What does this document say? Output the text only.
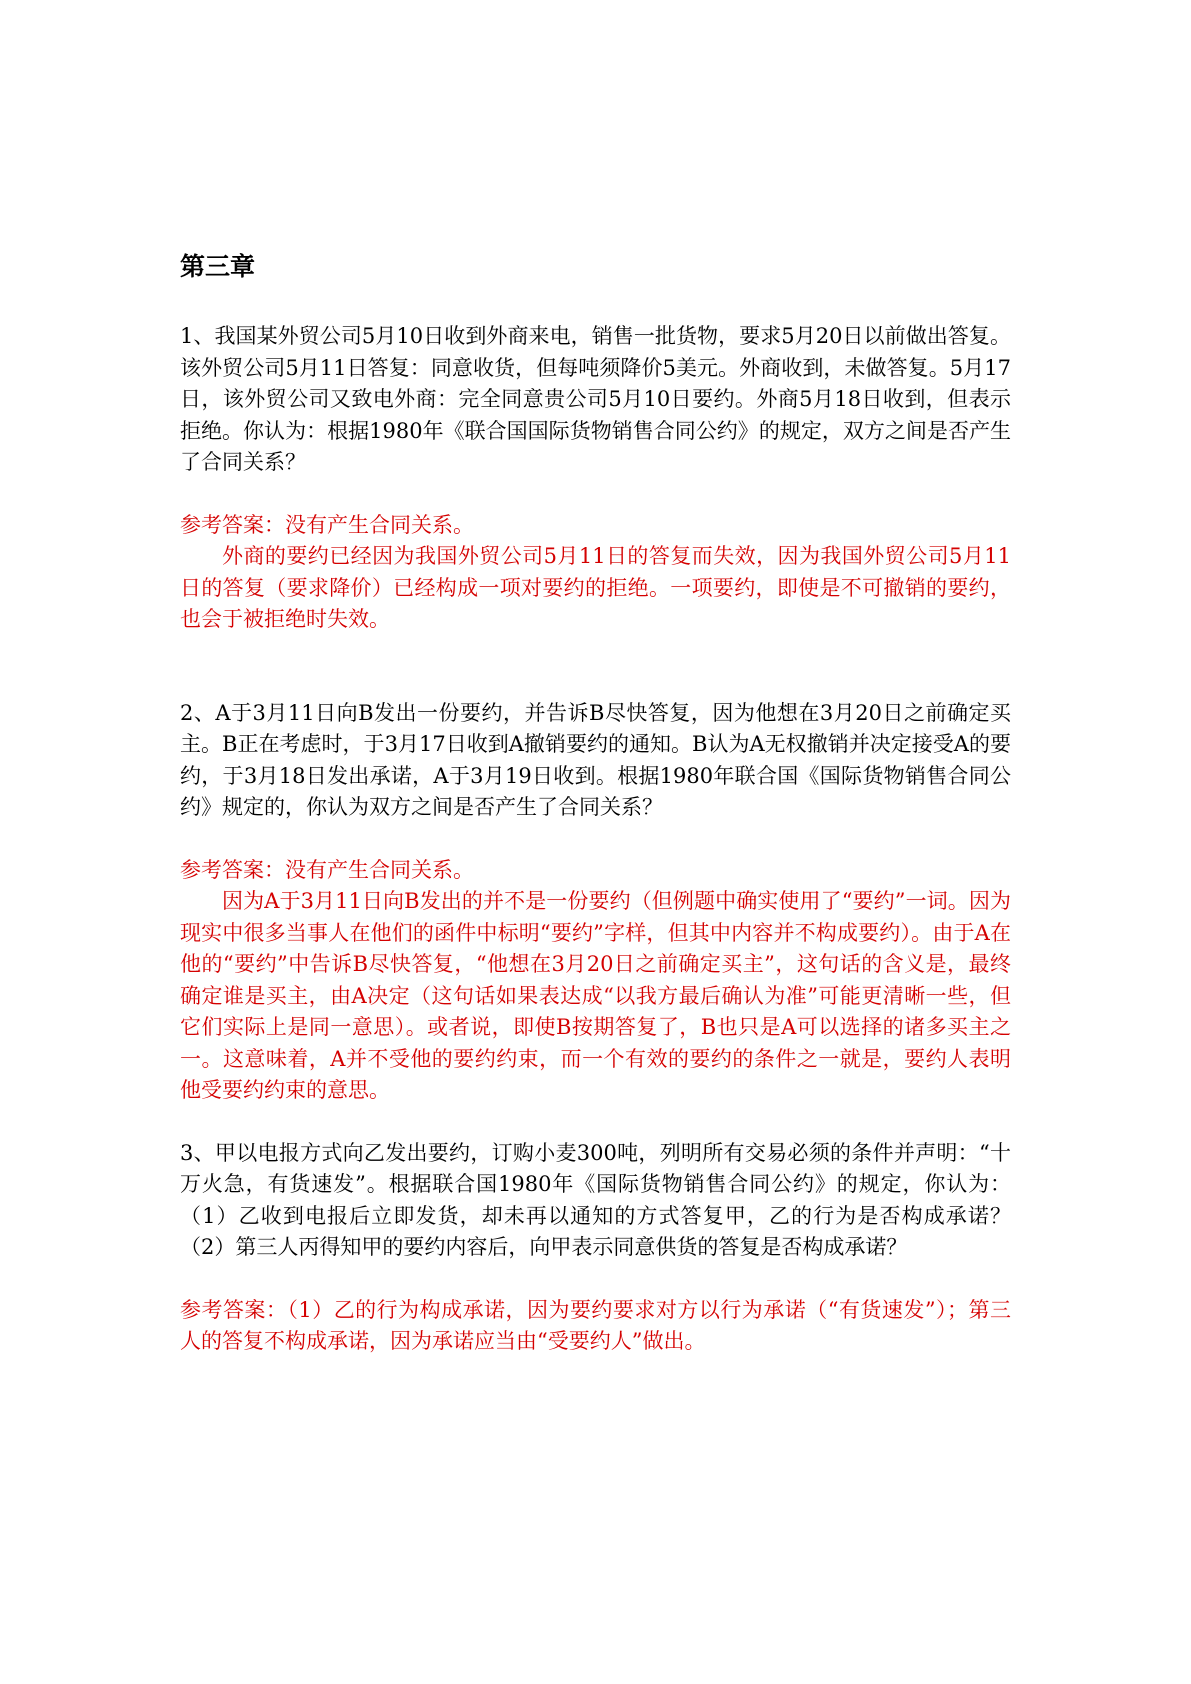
第三章

1、我国某外贸公司5月10日收到外商来电，销售一批货物，要求5月20日以前做出答复。该外贸公司5月11日答复：同意收货，但每吨须降价5美元。外商收到，未做答复。5月17日，该外贸公司又致电外商：完全同意贵公司5月10日要约。外商5月18日收到，但表示拒绝。你认为：根据1980年《联合国国际货物销售合同公约》的规定，双方之间是否产生了合同关系？

参考答案：没有产生合同关系。
外商的要约已经因为我国外贸公司5月11日的答复而失效，因为我国外贸公司5月11日的答复（要求降价）已经构成一项对要约的拒绝。一项要约，即使是不可撤销的要约，也会于被拒绝时失效。

2、A于3月11日向B发出一份要约，并告诉B尽快答复，因为他想在3月20日之前确定买主。B正在考虑时，于3月17日收到A撤销要约的通知。B认为A无权撤销并决定接受A的要约，于3月18日发出承诺，A于3月19日收到。根据1980年联合国《国际货物销售合同公约》规定的，你认为双方之间是否产生了合同关系？

参考答案：没有产生合同关系。
因为A于3月11日向B发出的并不是一份要约（但例题中确实使用了“要约”一词。因为现实中很多当事人在他们的函件中标明“要约”字样，但其中内容并不构成要约）。由于A在他的“要约”中告诉B尽快答复，“他想在3月20日之前确定买主”，这句话的含义是，最终确定谁是买主，由A决定（这句话如果表达成“以我方最后确认为准”可能更清晰一些，但它们实际上是同一意思）。或者说，即使B按期答复了，B也只是A可以选择的诸多买主之一。这意味着，A并不受他的要约约束，而一个有效的要约的条件之一就是，要约人表明他受要约约束的意思。

3、甲以电报方式向乙发出要约，订购小麦300吨，列明所有交易必须的条件并声明：“十万火急，有货速发”。根据联合国1980年《国际货物销售合同公约》的规定，你认为：（1）乙收到电报后立即发货，却未再以通知的方式答复甲，乙的行为是否构成承诺？ （2）第三人丙得知甲的要约内容后，向甲表示同意供货的答复是否构成承诺？

参考答案：（1）乙的行为构成承诺，因为要约要求对方以行为承诺（“有货速发”）；第三人的答复不构成承诺，因为承诺应当由“受要约人”做出。
